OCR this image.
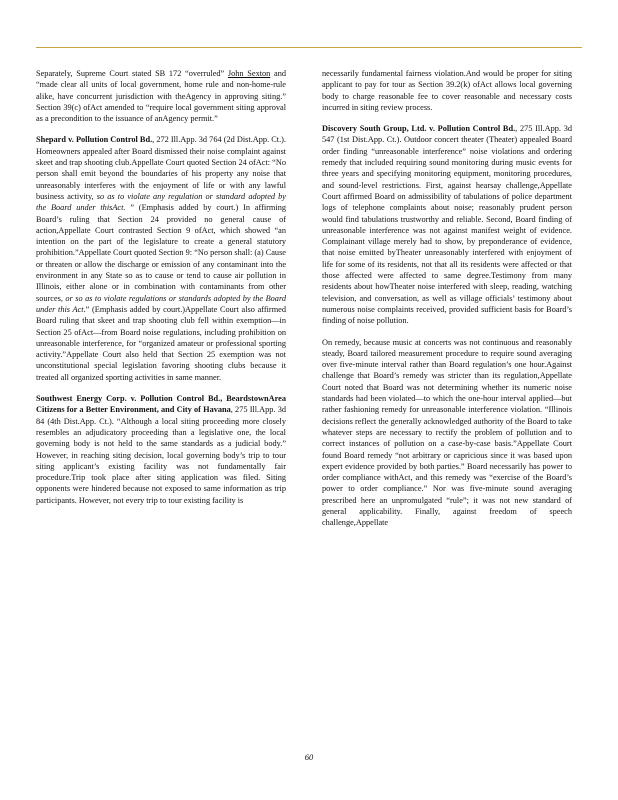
Separately, Supreme Court stated SB 172 “overruled” John Sexton and “made clear all units of local government, home rule and non-home-rule alike, have concurrent jurisdiction with theAgency in approving siting.” Section 39(c) ofAct amended to “require local government siting approval as a precondition to the issuance of anAgency permit.”

Shepard v. Pollution Control Bd., 272 Ill.App. 3d 764 (2d Dist.App. Ct.). Homeowners appealed after Board dismissed their noise complaint against skeet and trap shooting club.Appellate Court quoted Section 24 ofAct: “No person shall emit beyond the boundaries of his property any noise that unreasonably interferes with the enjoyment of life or with any lawful business activity, so as to violate any regulation or standard adopted by the Board under thisAct. ” (Emphasis added by court.) In affirming Board’s ruling that Section 24 provided no general cause of action,Appellate Court contrasted Section 9 ofAct, which showed “an intention on the part of the legislature to create a general statutory prohibition.”Appellate Court quoted Section 9: “No person shall: (a) Cause or threaten or allow the discharge or emission of any contaminant into the environment in any State so as to cause or tend to cause air pollution in Illinois, either alone or in combination with contaminants from other sources, or so as to violate regulations or standards adopted by the Board under this Act.” (Emphasis added by court.)Appellate Court also affirmed Board ruling that skeet and trap shooting club fell within exemption—in Section 25 ofAct—from Board noise regulations, including prohibition on unreasonable interference, for “organized amateur or professional sporting activity.”Appellate Court also held that Section 25 exemption was not unconstitutional special legislation favoring shooting clubs because it treated all organized sporting activities in same manner.

Southwest Energy Corp. v. Pollution Control Bd., BeardstownArea Citizens for a Better Environment, and City of Havana, 275 Ill.App. 3d 84 (4th Dist.App. Ct.). “Although a local siting proceeding more closely resembles an adjudicatory proceeding than a legislative one, the local governing body is not held to the same standards as a judicial body.” However, in reaching siting decision, local governing body’s trip to tour siting applicant’s existing facility was not fundamentally fair procedure.Trip took place after siting application was filed. Siting opponents were hindered because not exposed to same information as trip participants. However, not every trip to tour existing facility is

necessarily fundamental fairness violation.And would be proper for siting applicant to pay for tour as Section 39.2(k) ofAct allows local governing body to charge reasonable fee to cover reasonable and necessary costs incurred in siting review process.

Discovery South Group, Ltd. v. Pollution Control Bd., 275 Ill.App. 3d 547 (1st Dist.App. Ct.). Outdoor concert theater (Theater) appealed Board order finding “unreasonable interference” noise violations and ordering remedy that included requiring sound monitoring during music events for three years and specifying monitoring equipment, monitoring procedures, and sound-level restrictions. First, against hearsay challenge,Appellate Court affirmed Board on admissibility of tabulations of police department logs of telephone complaints about noise; reasonably prudent person would find tabulations trustworthy and reliable. Second, Board finding of unreasonable interference was not against manifest weight of evidence. Complainant village merely had to show, by preponderance of evidence, that noise emitted byTheater unreasonably interfered with enjoyment of life for some of its residents, not that all its residents were affected or that those affected were affected to same degree.Testimony from many residents about howTheater noise interfered with sleep, reading, watching television, and conversation, as well as village officials’ testimony about numerous noise complaints received, provided sufficient basis for Board’s finding of noise pollution.

On remedy, because music at concerts was not continuous and reasonably steady, Board tailored measurement procedure to require sound averaging over five-minute interval rather than Board regulation’s one hour.Against challenge that Board’s remedy was stricter than its regulation,Appellate Court noted that Board was not determining whether its numeric noise standards had been violated—to which the one-hour interval applied—but rather fashioning remedy for unreasonable interference violation. “Illinois decisions reflect the generally acknowledged authority of the Board to take whatever steps are necessary to rectify the problem of pollution and to correct instances of pollution on a case-by-case basis.”Appellate Court found Board remedy “not arbitrary or capricious since it was based upon expert evidence provided by both parties.” Board necessarily has power to order compliance withAct, and this remedy was “exercise of the Board’s power to order compliance.” Nor was five-minute sound averaging prescribed here an unpromulgated “rule”; it was not new standard of general applicability. Finally, against freedom of speech challenge,Appellate

60
